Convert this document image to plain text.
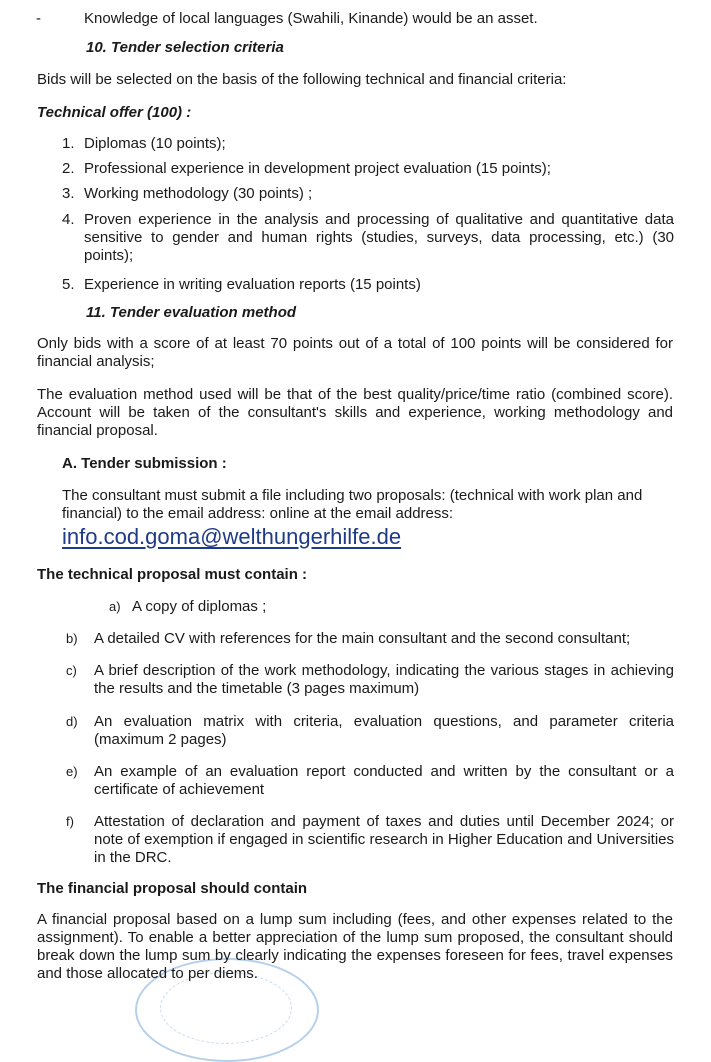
-	Knowledge of local languages (Swahili, Kinande) would be an asset.
10. Tender selection criteria
Bids will be selected on the basis of the following technical and financial criteria:
Technical offer (100) :
1. Diplomas (10 points);
2. Professional experience in development project evaluation (15 points);
3. Working methodology (30 points) ;
4. Proven experience in the analysis and processing of qualitative and quantitative data sensitive to gender and human rights (studies, surveys, data processing, etc.) (30 points);
5. Experience in writing evaluation reports (15 points)
11. Tender evaluation method
Only bids with a score of at least 70 points out of a total of 100 points will be considered for financial analysis;
The evaluation method used will be that of the best quality/price/time ratio (combined score). Account will be taken of the consultant's skills and experience, working methodology and financial proposal.
A. Tender submission :
The consultant must submit a file including two proposals: (technical with work plan and financial) to the email address: online at the email address:
info.cod.goma@welthungerhilfe.de
The technical proposal must contain :
a) A copy of diplomas ;
b) A detailed CV with references for the main consultant and the second consultant;
c) A brief description of the work methodology, indicating the various stages in achieving the results and the timetable (3 pages maximum)
d) An evaluation matrix with criteria, evaluation questions, and parameter criteria (maximum 2 pages)
e) An example of an evaluation report conducted and written by the consultant or a certificate of achievement
f) Attestation of declaration and payment of taxes and duties until December 2024; or note of exemption if engaged in scientific research in Higher Education and Universities in the DRC.
The financial proposal should contain
A financial proposal based on a lump sum including (fees, and other expenses related to the assignment). To enable a better appreciation of the lump sum proposed, the consultant should break down the lump sum by clearly indicating the expenses foreseen for fees, travel expenses and those allocated to per diems.
